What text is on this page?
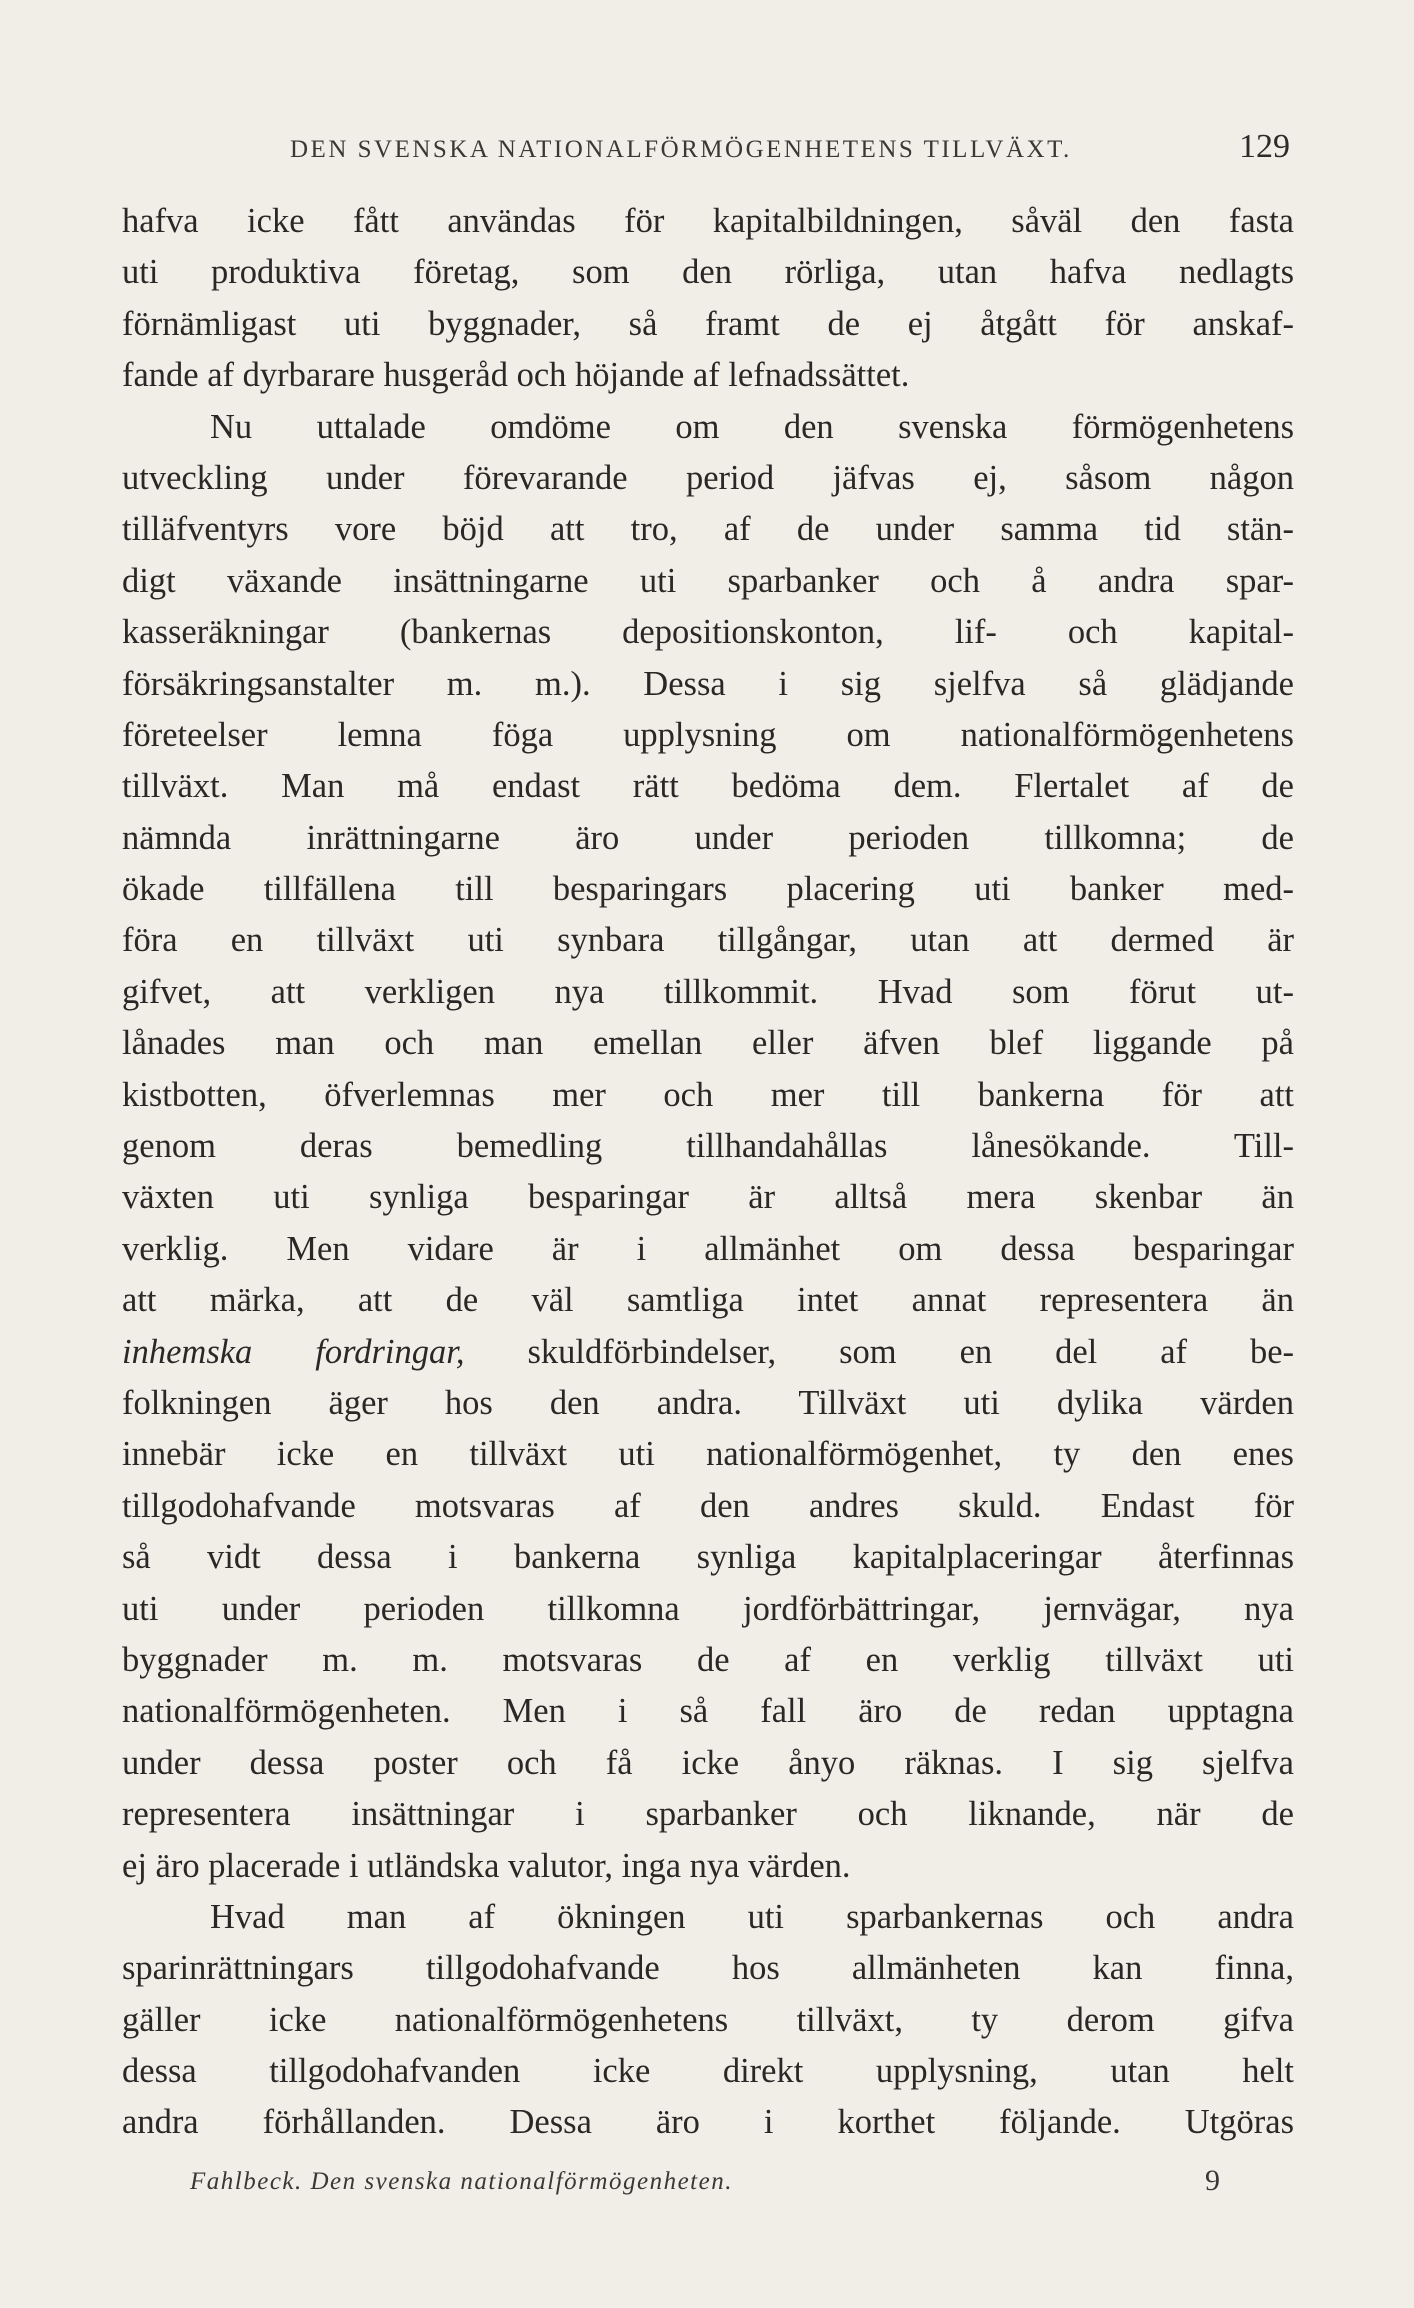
DEN SVENSKA NATIONALFÖRMÖGENHETENS TILLVÄXT.	129
hafva icke fått användas för kapitalbildningen, såväl den fasta
uti produktiva företag, som den rörliga, utan hafva nedlagts
förnämligast uti byggnader, så framt de ej åtgått för anskaf-
fande af dyrbarare husgeråd och höjande af lefnadssättet.
Nu uttalade omdöme om den svenska förmögenhetens
utveckling under förevarande period jäfvas ej, såsom någon
tilläfventyrs vore böjd att tro, af de under samma tid stän-
digt växande insättningarne uti sparbanker och å andra spar-
kasseräkningar (bankernas depositionskonton, lif- och kapital-
försäkringsanstalter m. m.). Dessa i sig sjelfva så glädjande
företeelser lemna föga upplysning om nationalförmögenhetens
tillväxt. Man må endast rätt bedöma dem. Flertalet af de
nämnda inrättningarne äro under perioden tillkomna; de
ökade tillfällena till besparingars placering uti banker med-
föra en tillväxt uti synbara tillgångar, utan att dermed är
gifvet, att verkligen nya tillkommit. Hvad som förut ut-
lånades man och man emellan eller äfven blef liggande på
kistbotten, öfverlemnas mer och mer till bankerna för att
genom deras bemedling tillhandahållas lånesökande. Till-
växten uti synliga besparingar är alltså mera skenbar än
verklig. Men vidare är i allmänhet om dessa besparingar
att märka, att de väl samtliga intet annat representera än
inhemska fordringar, skuldförbindelser, som en del af be-
folkningen äger hos den andra. Tillväxt uti dylika värden
innebär icke en tillväxt uti nationalförmögenhet, ty den enes
tillgodohafvande motsvaras af den andres skuld. Endast för
så vidt dessa i bankerna synliga kapitalplaceringar återfinnas
uti under perioden tillkomna jordförbättringar, jernvägar, nya
byggnader m. m. motsvaras de af en verklig tillväxt uti
nationalförmögenheten. Men i så fall äro de redan upptagna
under dessa poster och få icke ånyo räknas. I sig sjelfva
representera insättningar i sparbanker och liknande, när de
ej äro placerade i utländska valutor, inga nya värden.
Hvad man af ökningen uti sparbankernas och andra
sparinrättningars tillgodohafvande hos allmänheten kan finna,
gäller icke nationalförmögenhetens tillväxt, ty derom gifva
dessa tillgodohafvanden icke direkt upplysning, utan helt
andra förhållanden. Dessa äro i korthet följande. Utgöras
Fahlbeck. Den svenska nationalförmögenheten.	9
